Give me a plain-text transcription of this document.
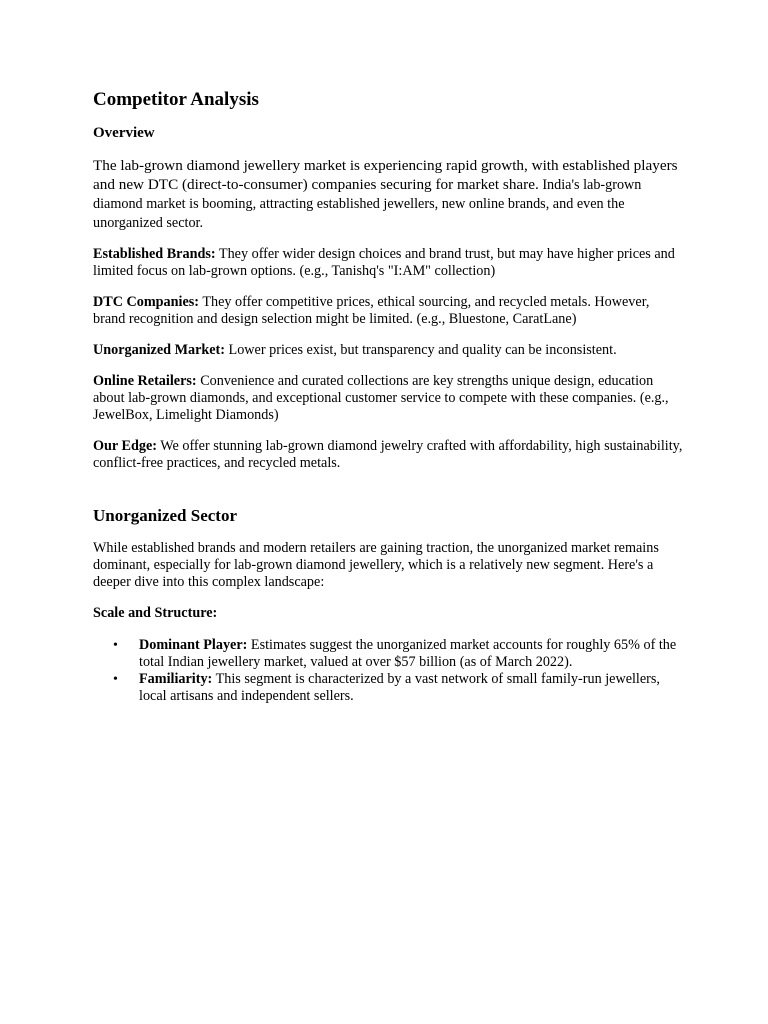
Competitor Analysis
Overview

The lab-grown diamond jewellery market is experiencing rapid growth, with established players and new DTC (direct-to-consumer) companies securing for market share. India's lab-grown diamond market is booming, attracting established jewellers, new online brands, and even the unorganized sector.

Established Brands: They offer wider design choices and brand trust, but may have higher prices and limited focus on lab-grown options. (e.g., Tanishq's "I:AM" collection)

DTC Companies: They offer competitive prices, ethical sourcing, and recycled metals. However, brand recognition and design selection might be limited. (e.g., Bluestone, CaratLane)

Unorganized Market: Lower prices exist, but transparency and quality can be inconsistent.

Online Retailers: Convenience and curated collections are key strengths unique design, education about lab-grown diamonds, and exceptional customer service to compete with these companies. (e.g., JewelBox, Limelight Diamonds)

Our Edge: We offer stunning lab-grown diamond jewelry crafted with affordability, high sustainability, conflict-free practices, and recycled metals.

Unorganized Sector

While established brands and modern retailers are gaining traction, the unorganized market remains dominant, especially for lab-grown diamond jewellery, which is a relatively new segment. Here's a deeper dive into this complex landscape:

Scale and Structure:
• Dominant Player: Estimates suggest the unorganized market accounts for roughly 65% of the total Indian jewellery market, valued at over $57 billion (as of March 2022).
• Familiarity: This segment is characterized by a vast network of small family-run jewellers, local artisans and independent sellers.
